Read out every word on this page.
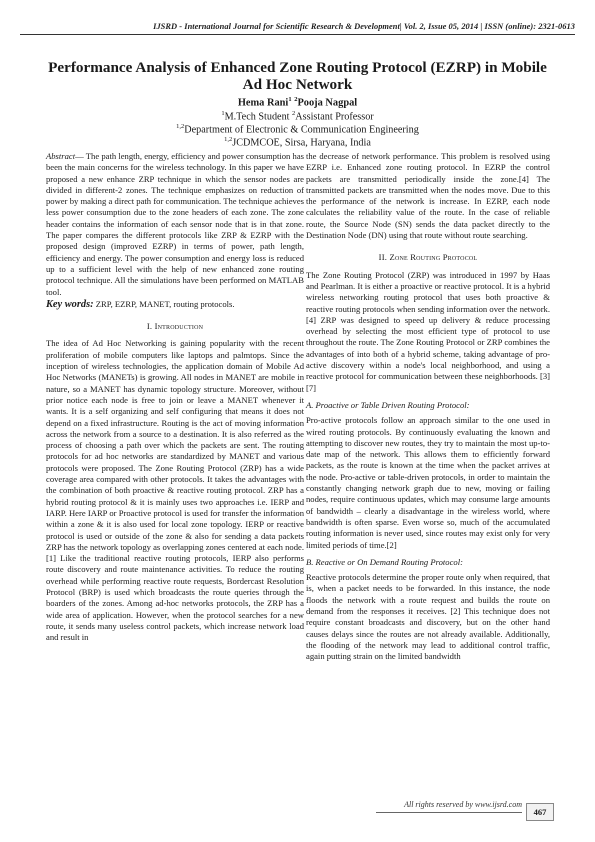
IJSRD - International Journal for Scientific Research & Development| Vol. 2, Issue 05, 2014 | ISSN (online): 2321-0613
Performance Analysis of Enhanced Zone Routing Protocol (EZRP) in Mobile Ad Hoc Network
Hema Rani$^1$ $^2$Pooja Nagpal
$^1$M.Tech Student $^2$Assistant Professor
$^{1,2}$Department of Electronic & Communication Engineering
$^{1,2}$JCDMCOE, Sirsa, Haryana, India

Abstract— The path length, energy, efficiency and power consumption has been the main concerns for the wireless technology. In this paper we have proposed a new enhance ZRP technique in which the sensor nodes are divided in different-2 zones. The technique emphasizes on reduction of power by making a direct path for communication. The technique achieves less power consumption due to the zone headers of each zone. The zone header contains the information of each sensor node that is in that zone. The paper compares the different protocols like ZRP & EZRP with the proposed design (improved EZRP) in terms of power, path length, efficiency and energy. The power consumption and energy loss is reduced up to a sufficient level with the help of new enhanced zone routing protocol technique. All the simulations have been performed on MATLAB tool.

Key words: ZRP, EZRP, MANET, routing protocols.

I. Introduction

The idea of Ad Hoc Networking is gaining popularity with the recent proliferation of mobile computers like laptops and palmtops. Since the inception of wireless technologies, the application domain of Mobile Ad Hoc Networks (MANETs) is growing. All nodes in MANET are mobile in nature, so a MANET has dynamic topology structure. Moreover, without prior notice each node is free to join or leave a MANET whenever it wants. It is a self organizing and self configuring that means it does not depend on a fixed infrastructure. Routing is the act of moving information across the network from a source to a destination. It is also referred as the process of choosing a path over which the packets are sent. The routing protocols for ad hoc networks are standardized by MANET and various protocols were proposed. The Zone Routing Protocol (ZRP) has a wide coverage area compared with other protocols. It takes the advantages with the combination of both proactive & reactive routing protocol. ZRP has a hybrid routing protocol & it is mainly uses two approaches i.e. IERP and IARP. Here IARP or Proactive protocol is used for transfer the information within a zone & it is also used for local zone topology. IERP or reactive protocol is used or outside of the zone & also for sending a data packets ZRP has the network topology as overlapping zones centered at each node.[1] Like the traditional reactive routing protocols, IERP also performs route discovery and route maintenance activities. To reduce the routing overhead while performing reactive route requests, Bordercast Resolution Protocol (BRP) is used which broadcasts the route queries through the boarders of the zones. Among ad-hoc networks protocols, the ZRP has a wide area of application. However, when the protocol searches for a new route, it sends many useless control packets, which increase network load and result in

the decrease of network performance. This problem is resolved using EZRP i.e. Enhanced zone routing protocol. In EZRP the control packets are transmitted periodically inside the zone.[4] The transmitted packets are transmitted when the nodes move. Due to this the performance of the network is increase. In EZRP, each node calculates the reliability value of the route. In the case of reliable route, the Source Node (SN) sends the data packet directly to the Destination Node (DN) using that route without route searching.

II. Zone Routing Protocol

The Zone Routing Protocol (ZRP) was introduced in 1997 by Haas and Pearlman. It is either a proactive or reactive protocol. It is a hybrid wireless networking routing protocol that uses both proactive & reactive routing protocols when sending information over the network. [4] ZRP was designed to speed up delivery & reduce processing overhead by selecting the most efficient type of protocol to use throughout the route. The Zone Routing Protocol or ZRP combines the advantages of into both of a hybrid scheme, taking advantage of pro-active discovery within a node's local neighborhood, and using a reactive protocol for communication between these neighborhoods. [3] [7]

A. Proactive or Table Driven Routing Protocol:

Pro-active protocols follow an approach similar to the one used in wired routing protocols. By continuously evaluating the known and attempting to discover new routes, they try to maintain the most up-to-date map of the network. This allows them to efficiently forward packets, as the route is known at the time when the packet arrives at the node. Pro-active or table-driven protocols, in order to maintain the constantly changing network graph due to new, moving or failing nodes, require continuous updates, which may consume large amounts of bandwidth – clearly a disadvantage in the wireless world, where bandwidth is often sparse. Even worse so, much of the accumulated routing information is never used, since routes may exist only for very limited periods of time.[2]

B. Reactive or On Demand Routing Protocol:

Reactive protocols determine the proper route only when required, that is, when a packet needs to be forwarded. In this instance, the node floods the network with a route request and builds the route on demand from the responses it receives. [2] This technique does not require constant broadcasts and discovery, but on the other hand causes delays since the routes are not already available. Additionally, the flooding of the network may lead to additional control traffic, again putting strain on the limited bandwidth

All rights reserved by www.ijsrd.com
467
